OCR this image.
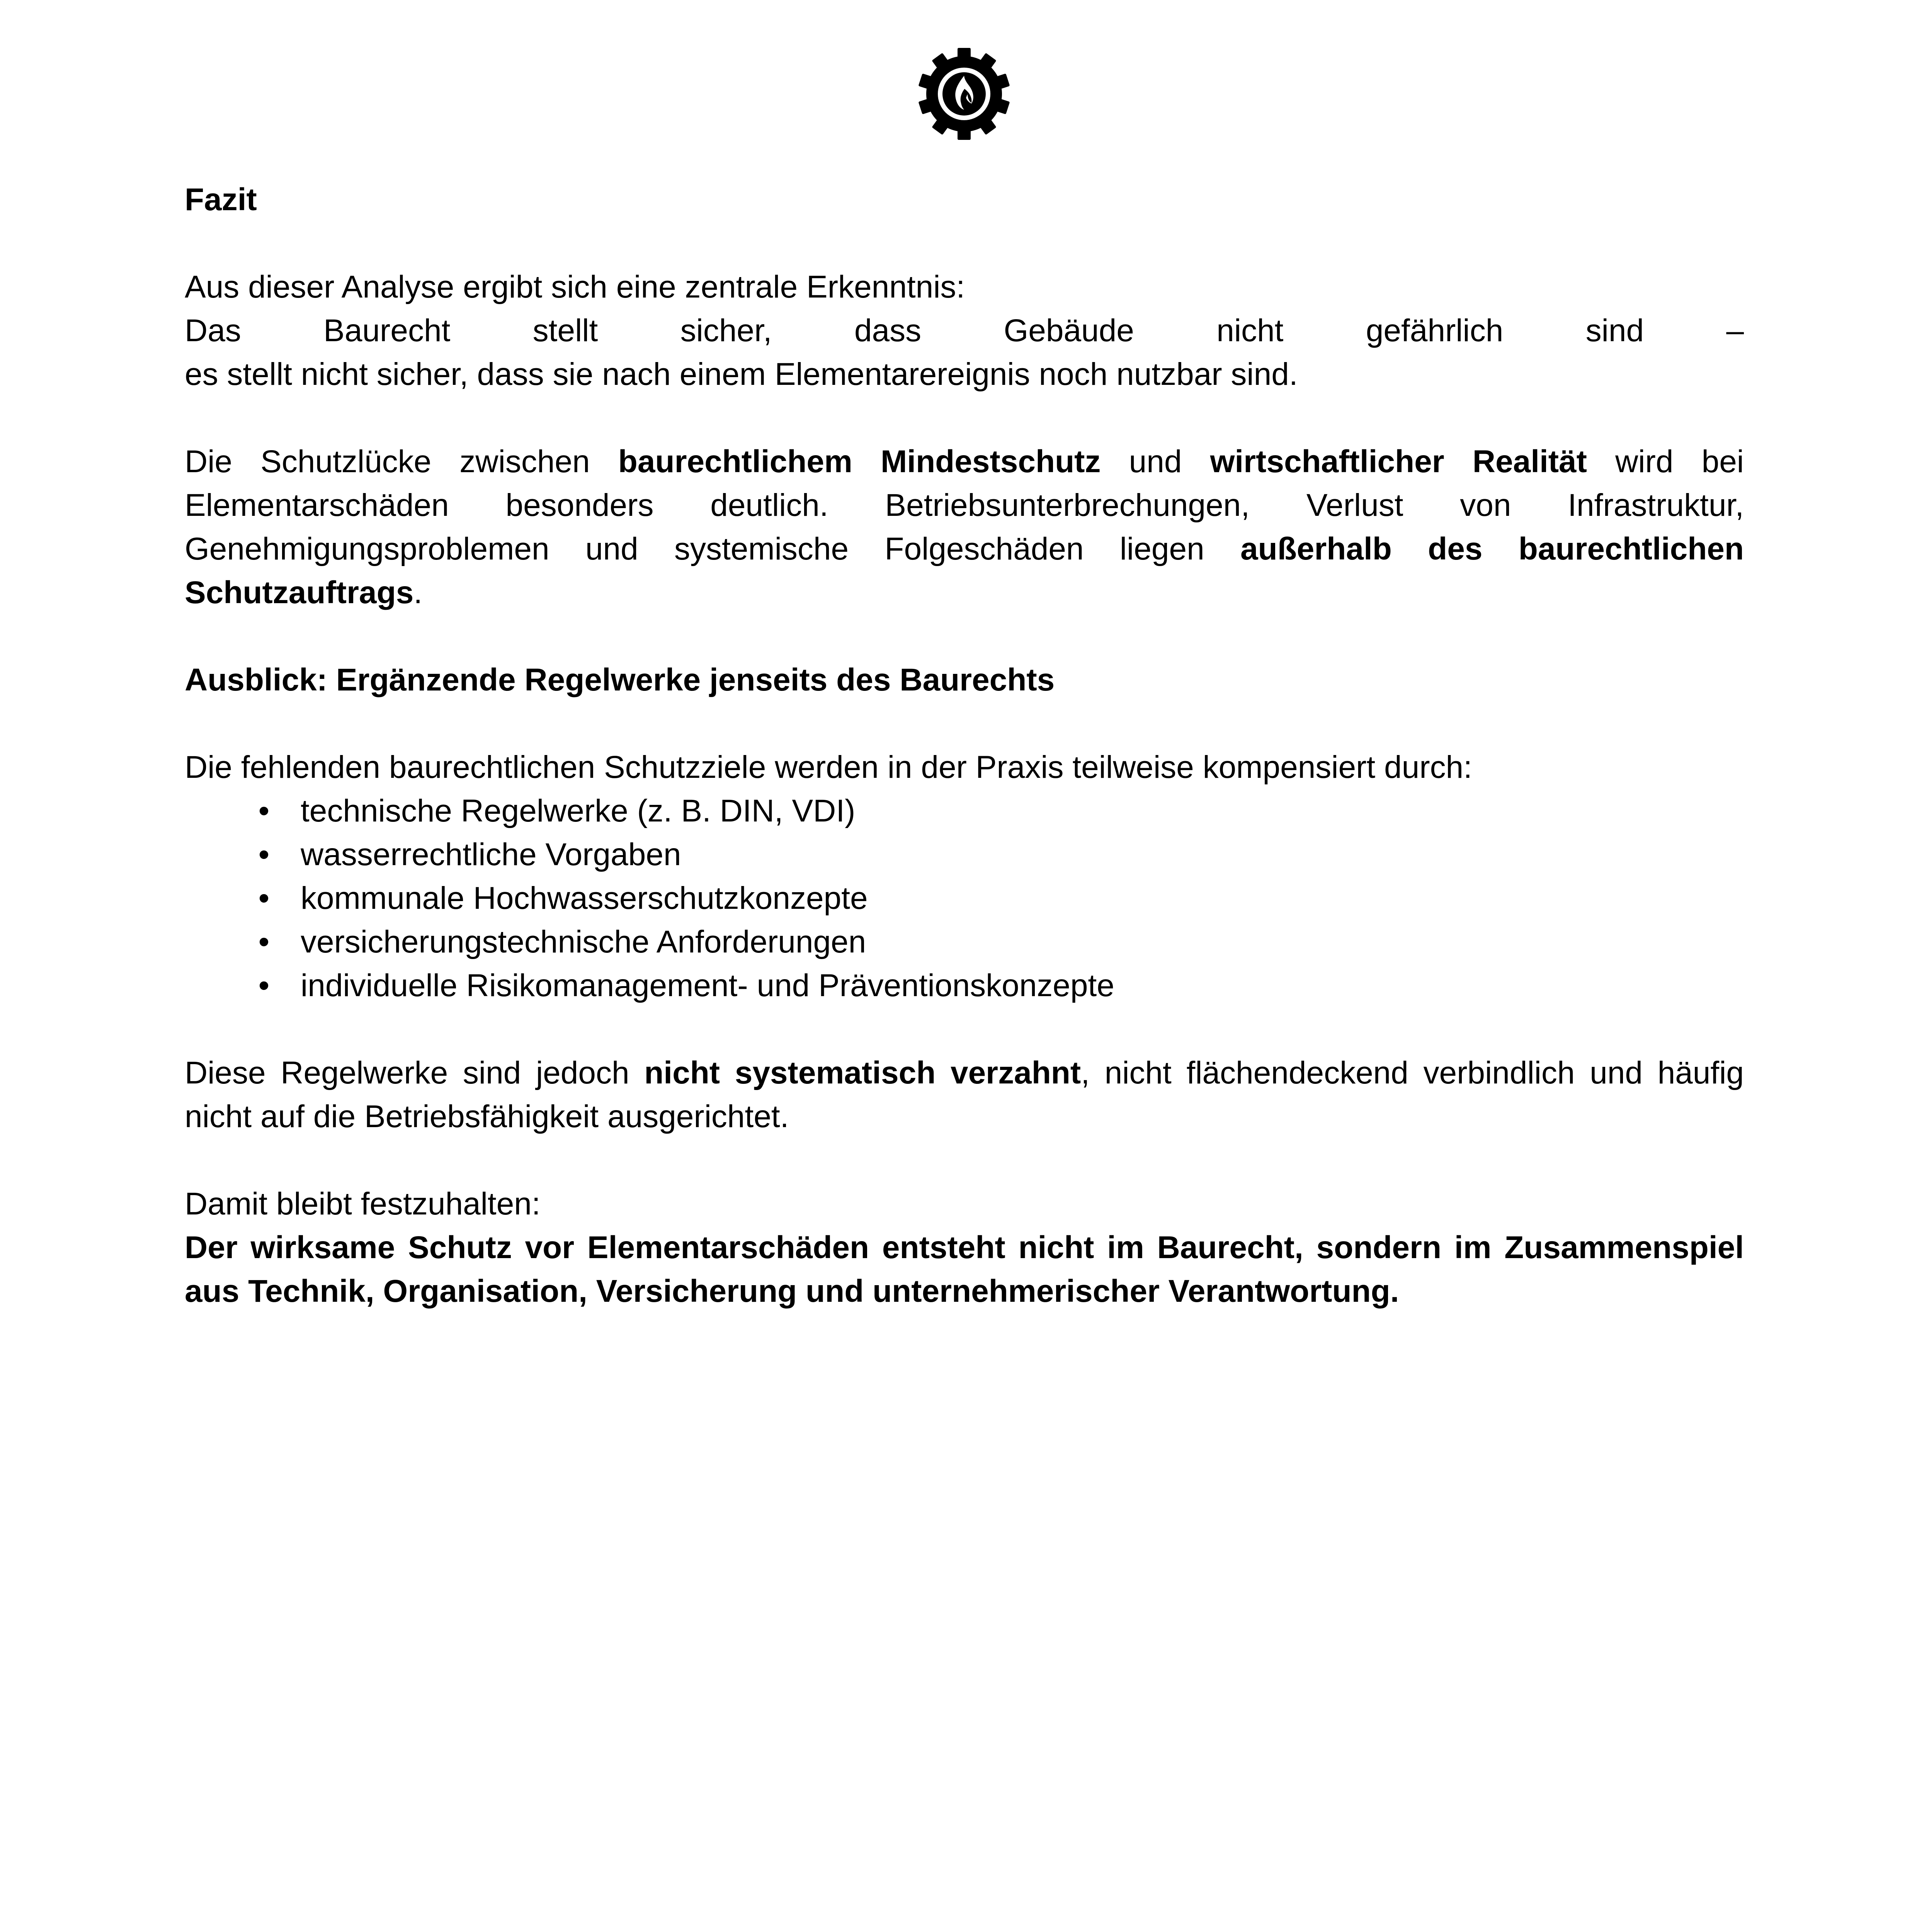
Fazit

Aus dieser Analyse ergibt sich eine zentrale Erkenntnis:

Das Baurecht stellt sicher, dass Gebäude nicht gefährlich sind –

es stellt nicht sicher, dass sie nach einem Elementarereignis noch nutzbar sind.

Die Schutzlücke zwischen baurechtlichem Mindestschutz und wirtschaftlicher Realität wird bei Elementarschäden besonders deutlich. Betriebsunterbrechungen, Verlust von Infrastruktur, Genehmigungsproblemen und systemische Folgeschäden liegen außerhalb des baurechtlichen Schutzauftrags.

Ausblick: Ergänzende Regelwerke jenseits des Baurechts

Die fehlenden baurechtlichen Schutzziele werden in der Praxis teilweise kompensiert durch:

• technische Regelwerke (z. B. DIN, VDI)
• wasserrechtliche Vorgaben
• kommunale Hochwasserschutzkonzepte
• versicherungstechnische Anforderungen
• individuelle Risikomanagement- und Präventionskonzepte

Diese Regelwerke sind jedoch nicht systematisch verzahnt, nicht flächendeckend verbindlich und häufig nicht auf die Betriebsfähigkeit ausgerichtet.

Damit bleibt festzuhalten:

Der wirksame Schutz vor Elementarschäden entsteht nicht im Baurecht, sondern im Zusammenspiel aus Technik, Organisation, Versicherung und unternehmerischer Verantwortung.
